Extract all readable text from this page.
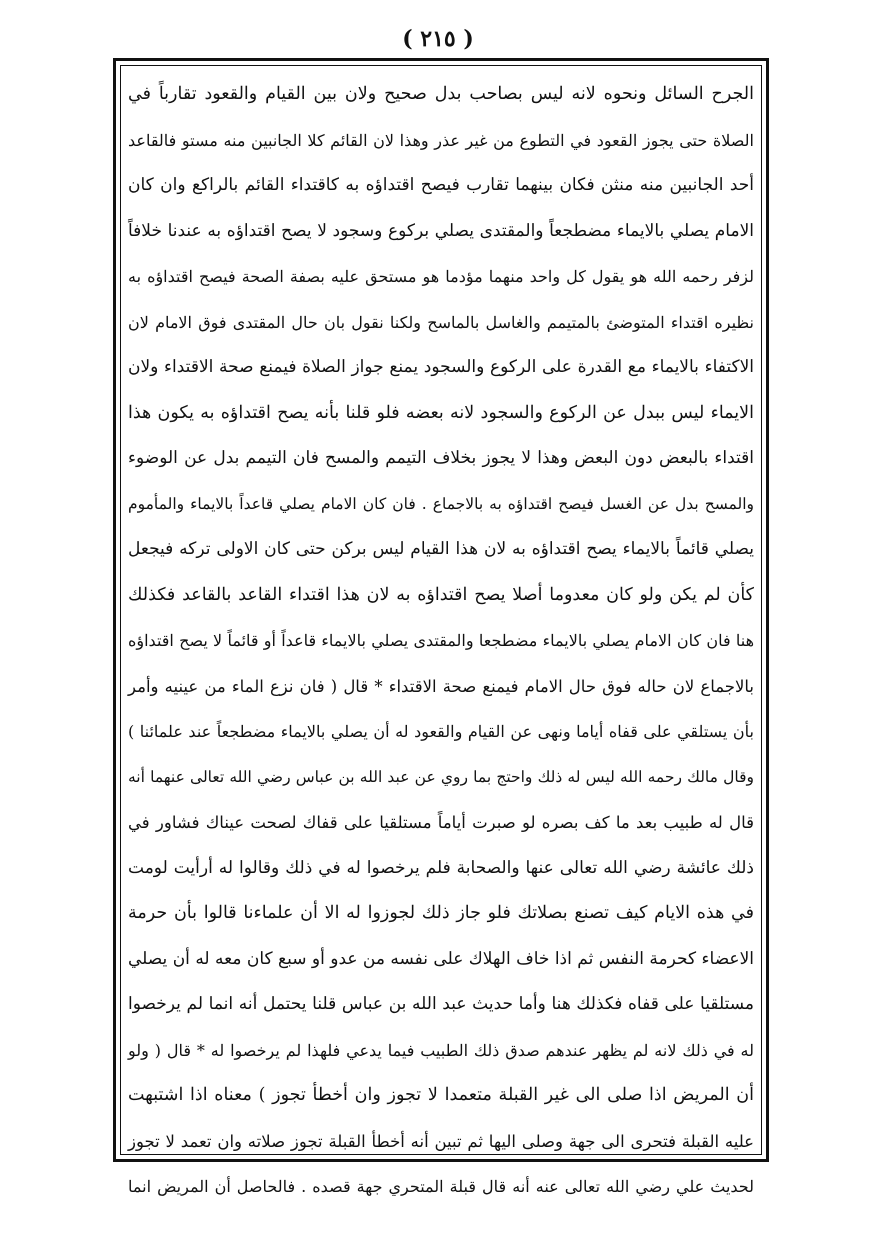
( ٢١٥ )
الجرح السائل ونحوه لانه ليس بصاحب بدل صحيح ولان بين القيام والقعود تقارباً في
الصلاة حتى يجوز القعود في التطوع من غير عذر وهذا لان القائم كلا الجانبين منه مستو فالقاعد
أحد الجانبين منه منثن فكان بينهما تقارب فيصح اقتداؤه به كاقتداء القائم بالراكع وان كان
الامام يصلي بالايماء مضطجعاً والمقتدى يصلي بركوع وسجود لا يصح اقتداؤه به عندنا خلافاً
لزفر رحمه الله هو يقول كل واحد منهما مؤدما هو مستحق عليه بصفة الصحة فيصح اقتداؤه به
نظيره اقتداء المتوضئ بالمتيمم والغاسل بالماسح ولكنا نقول بان حال المقتدى فوق الامام لان
الاكتفاء بالايماء مع القدرة على الركوع والسجود يمنع جواز الصلاة فيمنع صحة الاقتداء ولان
الايماء ليس ببدل عن الركوع والسجود لانه بعضه فلو قلنا بأنه يصح اقتداؤه به يكون هذا
اقتداء بالبعض دون البعض وهذا لا يجوز بخلاف التيمم والمسح فان التيمم بدل عن الوضوء
والمسح بدل عن الغسل فيصح اقتداؤه به بالاجماع . فان كان الامام يصلي قاعداً بالايماء والمأموم
يصلي قائماً بالايماء يصح اقتداؤه به لان هذا القيام ليس بركن حتى كان الاولى تركه فيجعل
كأن لم يكن ولو كان معدوما أصلا يصح اقتداؤه به لان هذا اقتداء القاعد بالقاعد فكذلك
هنا فان كان الامام يصلي بالايماء مضطجعا والمقتدى يصلي بالايماء قاعداً أو قائماً لا يصح اقتداؤه
بالاجماع لان حاله فوق حال الامام فيمنع صحة الاقتداء * قال ( فان نزع الماء من عينيه وأمر
بأن يستلقي على قفاه أياما ونهى عن القيام والقعود له أن يصلي بالايماء مضطجعاً عند علمائنا )
وقال مالك رحمه الله ليس له ذلك واحتج بما روي عن عبد الله بن عباس رضي الله تعالى عنهما أنه
قال له طبيب بعد ما كف بصره لو صبرت أياماً مستلقيا على قفاك لصحت عيناك فشاور في
ذلك عائشة رضي الله تعالى عنها والصحابة فلم يرخصوا له في ذلك وقالوا له أرأيت لومت
في هذه الايام كيف تصنع بصلاتك فلو جاز ذلك لجوزوا له الا أن علماءنا قالوا بأن حرمة
الاعضاء كحرمة النفس ثم اذا خاف الهلاك على نفسه من عدو أو سبع كان معه له أن يصلي
مستلقيا على قفاه فكذلك هنا وأما حديث عبد الله بن عباس قلنا يحتمل أنه انما لم يرخصوا
له في ذلك لانه لم يظهر عندهم صدق ذلك الطبيب فيما يدعي فلهذا لم يرخصوا له * قال ( ولو
أن المريض اذا صلى الى غير القبلة متعمدا لا تجوز وان أخطأ تجوز ) معناه اذا اشتبهت
عليه القبلة فتحرى الى جهة وصلى اليها ثم تبين أنه أخطأ القبلة تجوز صلاته وان تعمد لا تجوز
لحديث علي رضي الله تعالى عنه أنه قال قبلة المتحري جهة قصده . فالحاصل أن المريض انما
